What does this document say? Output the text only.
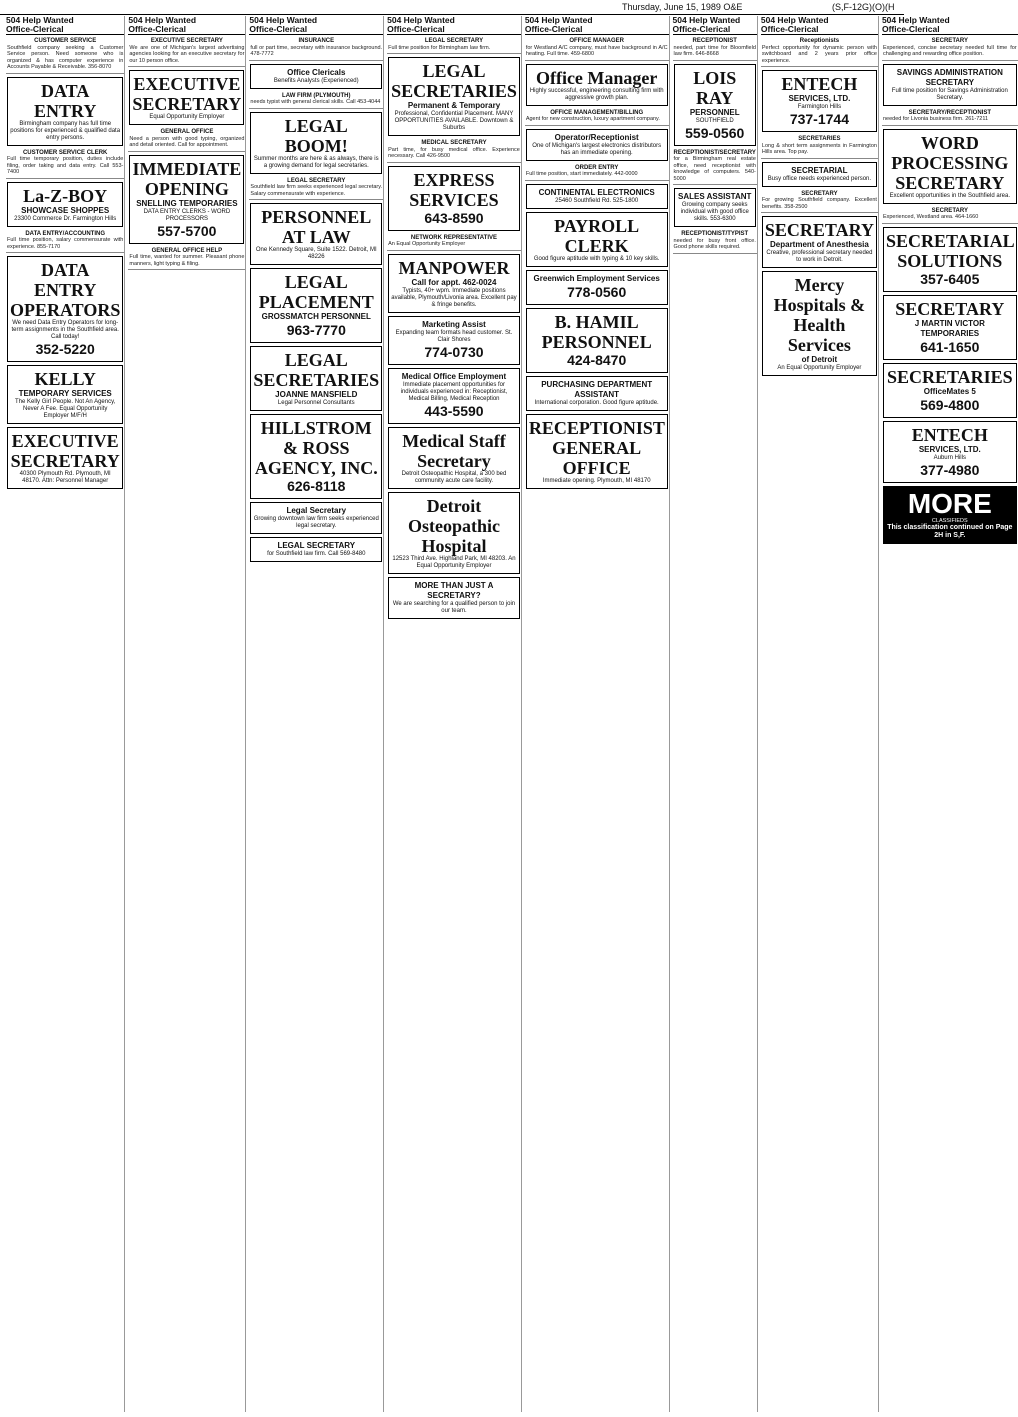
Thursday, June 15, 1989 O&E	(S,F-12G)(O)(H
504 Help Wanted
Office-Clerical
CUSTOMER SERVICE
Southfield company seeking a Customer Service person. Need someone who is organized & has computer experience in Accounts Payable & Receivable. 356-8070
DATA ENTRY
Birmingham company has full time positions for experienced & qualified data entry persons.
CUSTOMER SERVICE CLERK
Full time temporary position, duties include filing, order taking and data entry. Call 553-7400
La-Z-BOY
SHOWCASE SHOPPES
23300 Commerce Dr. Farmington Hills
DATA ENTRY/ACCOUNTING
Full time position, salary commensurate with experience. 855-7170
DATA ENTRY OPERATORS
We need Data Entry Operators for long-term assignments in the Southfield area. Call today!
352-5220
KELLY
TEMPORARY SERVICES
The Kelly Girl People. Not An Agency, Never A Fee. Equal Opportunity Employer M/F/H
EXECUTIVE SECRETARY
40300 Plymouth Rd. Plymouth, MI 48170. Attn: Personnel Manager
504 Help Wanted
Office-Clerical
EXECUTIVE SECRETARY
We are one of Michigan's largest advertising agencies looking for an executive secretary for our 10 person office.
EXECUTIVE SECRETARY
Equal Opportunity Employer
GENERAL OFFICE
Need a person with good typing, organized and detail oriented. Call for appointment.
IMMEDIATE OPENING
SNELLING TEMPORARIES
DATA ENTRY CLERKS - WORD PROCESSORS
557-5700
GENERAL OFFICE HELP
Full time, wanted for summer. Pleasant phone manners, light typing & filing.
504 Help Wanted
Office-Clerical
INSURANCE
full or part time, secretary with insurance background. 478-7772
Office Clericals
Benefits Analysts (Experienced)
LAW FIRM (PLYMOUTH)
needs typist with general clerical skills. Call 453-4044
LEGAL BOOM!
Summer months are here & as always, there is a growing demand for legal secretaries.
LEGAL SECRETARY
Southfield law firm seeks experienced legal secretary. Salary commensurate with experience.
PERSONNEL AT LAW
One Kennedy Square, Suite 1522. Detroit, MI 48226
LEGAL PLACEMENT
GROSSMATCH PERSONNEL
963-7770
LEGAL SECRETARIES
JOANNE MANSFIELD
Legal Personnel Consultants
HILLSTROM & ROSS AGENCY, INC.
626-8118
Legal Secretary
Growing downtown law firm seeks experienced legal secretary.
LEGAL SECRETARY
for Southfield law firm. Call 569-8480
504 Help Wanted
Office-Clerical
LEGAL SECRETARY
Full time position for Birmingham law firm.
LEGAL SECRETARIES
Permanent & Temporary
Professional, Confidential Placement. MANY OPPORTUNITIES AVAILABLE. Downtown & Suburbs
MEDICAL SECRETARY
Part time, for busy medical office. Experience necessary. Call 426-9500
EXPRESS SERVICES
643-8590
NETWORK REPRESENTATIVE
An Equal Opportunity Employer
MANPOWER
Call for appt. 462-0024
Typists, 40+ wpm. Immediate positions available, Plymouth/Livonia area. Excellent pay & fringe benefits.
Marketing Assist
Expanding team formats head customer. St. Clair Shores
774-0730
Medical Office Employment
Immediate placement opportunities for individuals experienced in: Receptionist, Medical Billing, Medical Reception
443-5590
Medical Staff Secretary
Detroit Osteopathic Hospital, a 300 bed community acute care facility.
Detroit Osteopathic Hospital
12523 Third Ave. Highland Park, MI 48203. An Equal Opportunity Employer
MORE THAN JUST A SECRETARY?
We are searching for a qualified person to join our team.
504 Help Wanted
Office-Clerical
OFFICE MANAGER
for Westland A/C company, must have background in A/C heating. Full time. 459-6800
Office Manager
Highly successful, engineering consulting firm with aggressive growth plan.
OFFICE MANAGEMENT/BILLING
Agent for new construction, luxury apartment company.
Operator/Receptionist
One of Michigan's largest electronics distributors has an immediate opening.
ORDER ENTRY
Full time position, start immediately. 442-0000
CONTINENTAL ELECTRONICS
25460 Southfield Rd. 525-1800
PAYROLL CLERK
Good figure aptitude with typing & 10 key skills.
Greenwich Employment Services
778-0560
B. HAMIL PERSONNEL
424-8470
PURCHASING DEPARTMENT ASSISTANT
International corporation. Good figure aptitude.
RECEPTIONIST GENERAL OFFICE
Immediate opening. Plymouth, MI 48170
504 Help Wanted
Office-Clerical
RECEPTIONIST
needed, part time for Bloomfield law firm. 646-8668
LOIS RAY
PERSONNEL
SOUTHFIELD
559-0560
RECEPTIONIST/SECRETARY
for a Birmingham real estate office, need receptionist with knowledge of computers. 540-5000
SALES ASSISTANT
Growing company seeks individual with good office skills. 553-6300
RECEPTIONIST/TYPIST
needed for busy front office. Good phone skills required.
504 Help Wanted
Office-Clerical
Receptionists
Perfect opportunity for dynamic person with switchboard and 2 years prior office experience.
ENTECH
SERVICES, LTD.
Farmington Hills
737-1744
SECRETARIES
Long & short term assignments in Farmington Hills area. Top pay.
SECRETARIAL
Busy office needs experienced person.
SECRETARY
For growing Southfield company. Excellent benefits. 358-2500
SECRETARY
Department of Anesthesia
Creative, professional secretary needed to work in Detroit.
Mercy Hospitals & Health Services
of Detroit
An Equal Opportunity Employer
504 Help Wanted
Office-Clerical
SECRETARY
Experienced, concise secretary needed full time for challenging and rewarding office position.
SAVINGS ADMINISTRATION SECRETARY
Full time position for Savings Administration Secretary.
SECRETARY/RECEPTIONIST
needed for Livonia business firm. 261-7211
WORD PROCESSING SECRETARY
Excellent opportunities in the Southfield area.
SECRETARY
Experienced, Westland area. 464-1660
SECRETARIAL SOLUTIONS
357-6405
SECRETARY
J MARTIN VICTOR TEMPORARIES
641-1650
SECRETARIES
OfficeMates 5
569-4800
ENTECH
SERVICES, LTD.
Auburn Hills
377-4980
MORE
CLASSIFIEDS
This classification continued on Page 2H in S,F.
